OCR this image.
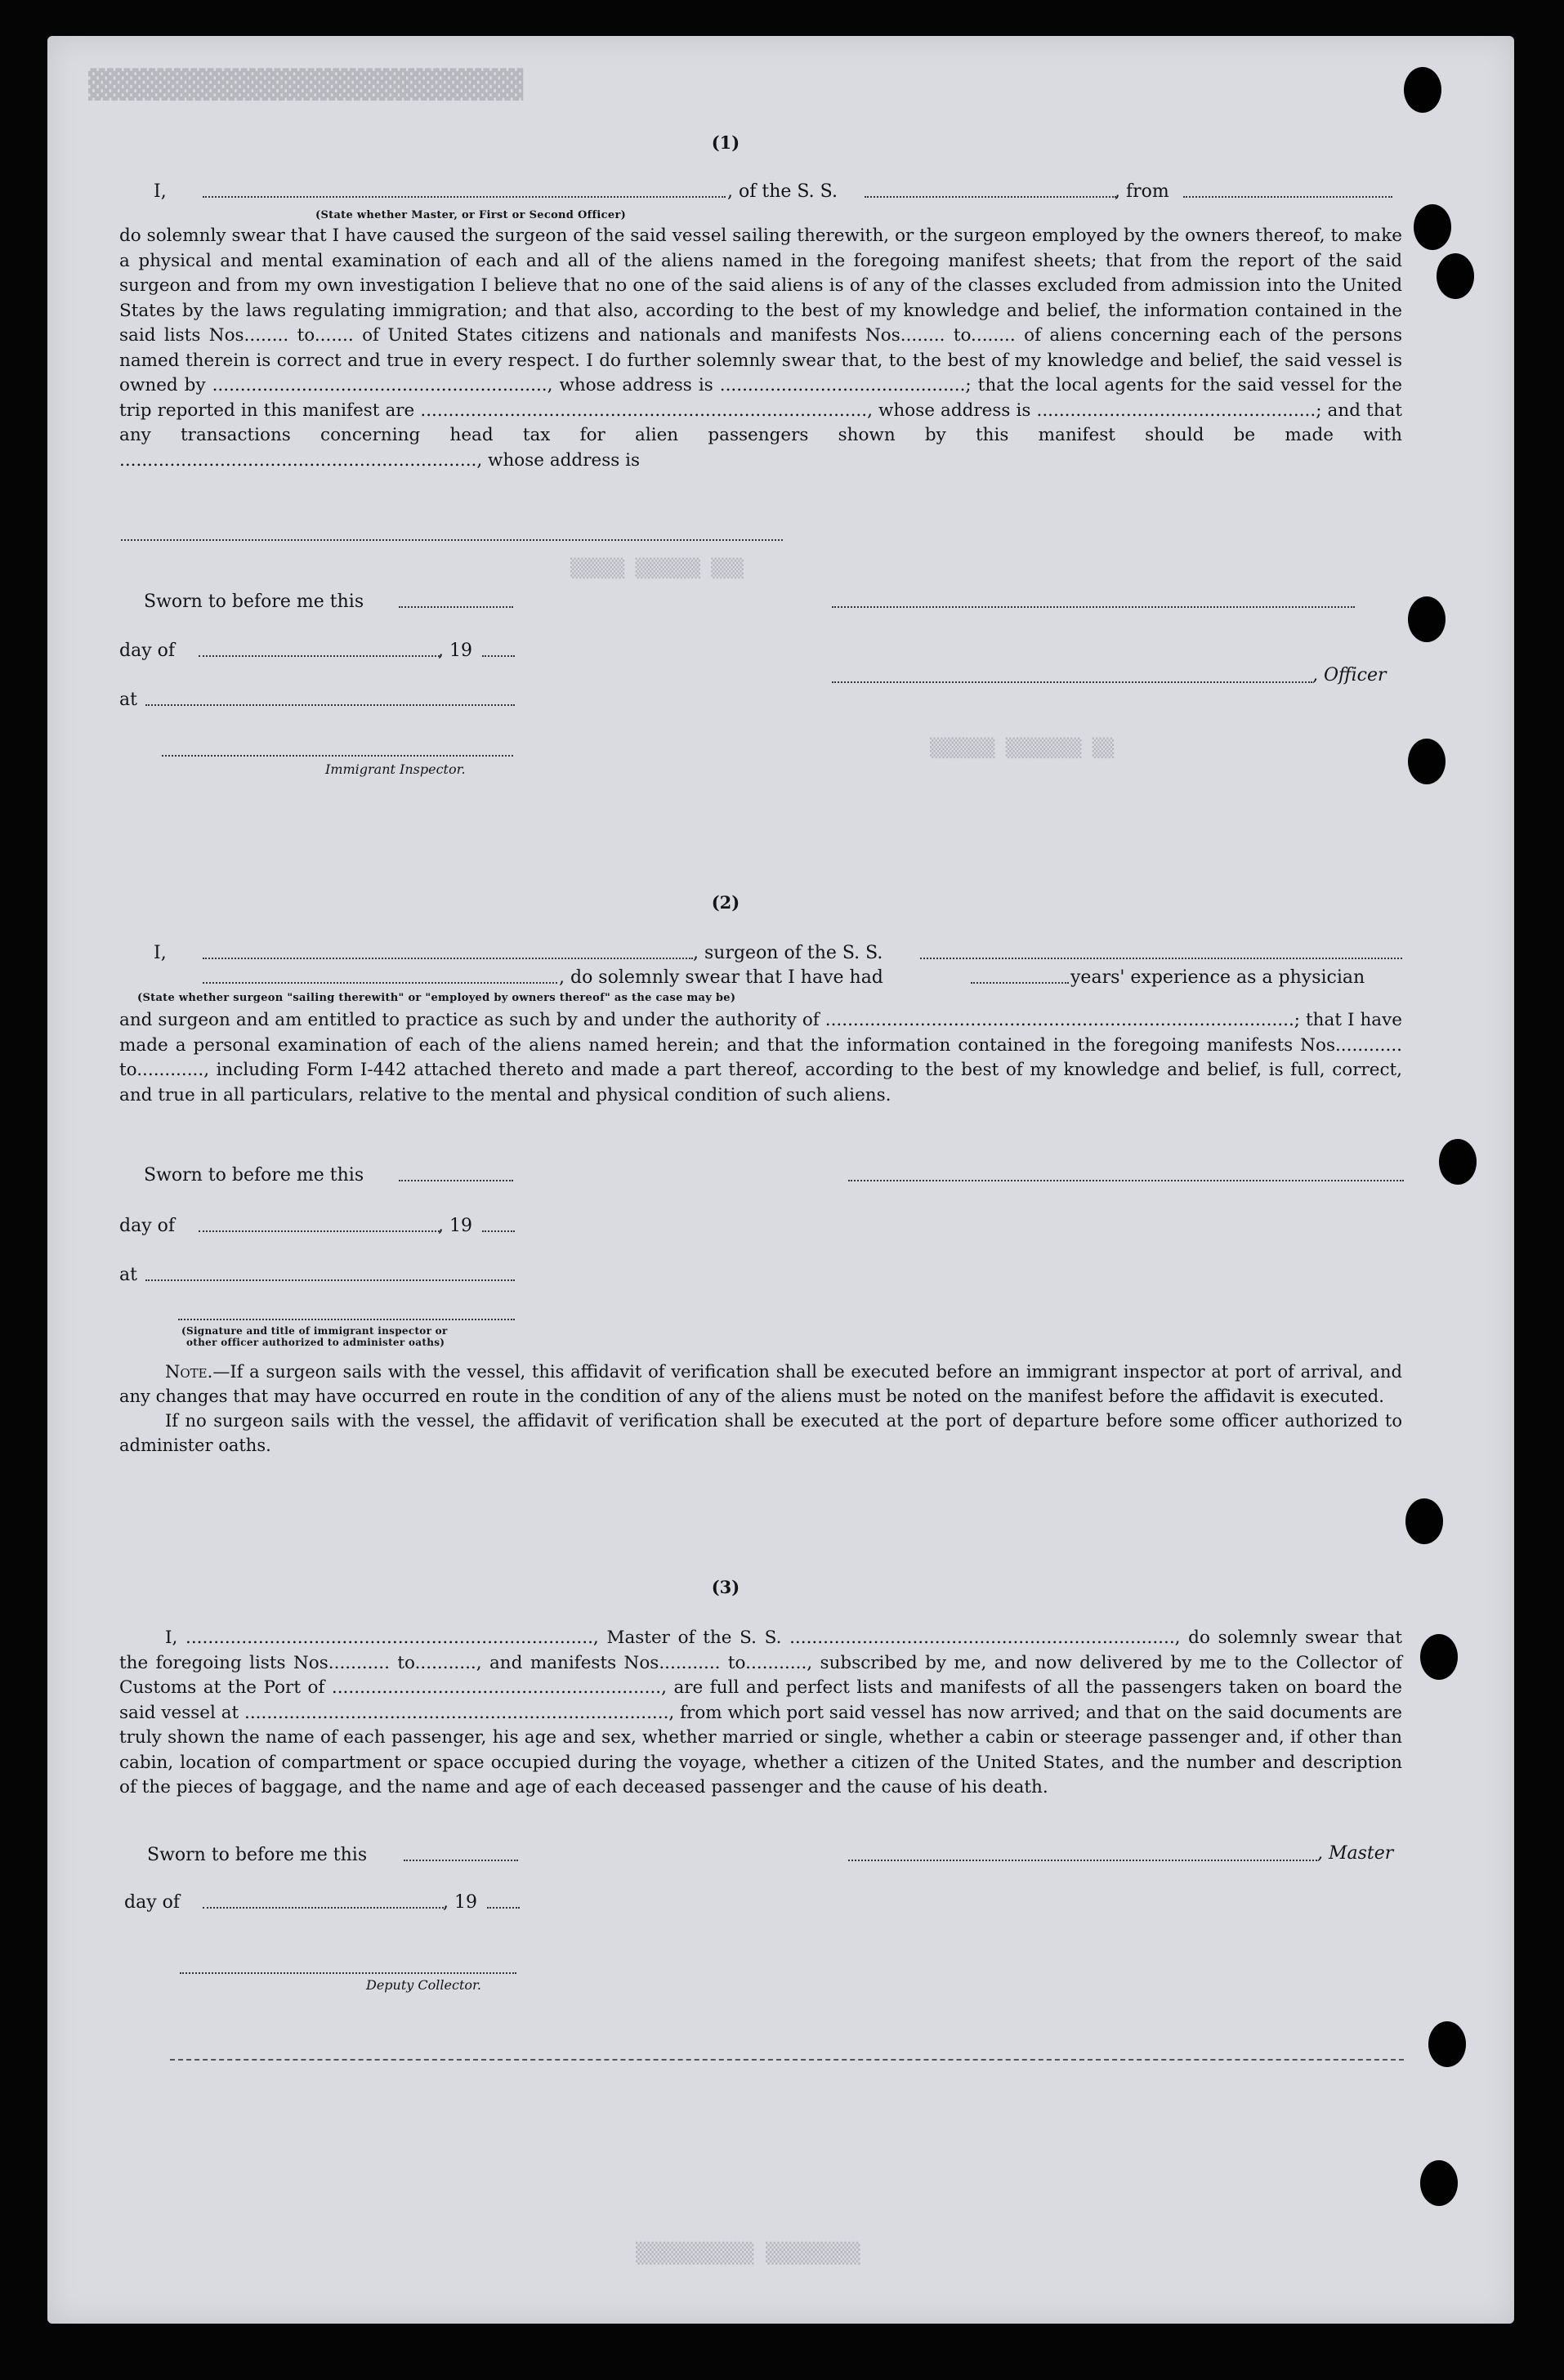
▓▓▓▓▓▓▓▓▓▓▓▓▓▓▓▓▓▓▓▓▓▓▓▓▓▓
▒▒▒▒▒ ▒▒▒▒▒▒ ▒▒▒
▒▒▒▒▒▒ ▒▒▒▒▒▒▒ ▒▒
(1)
I,	, of the S. S.	, from
(State whether Master, or First or Second Officer)

do solemnly swear that I have caused the surgeon of the said vessel sailing therewith, or the surgeon employed by the owners thereof, to make a physical and mental examination of each and all of the aliens named in the foregoing manifest sheets; that from the report of the said surgeon and from my own investigation I believe that no one of the said aliens is of any of the classes excluded from admission into the United States by the laws regulating immigration; and that also, according to the best of my knowledge and belief, the information contained in the said lists Nos........ to....... of United States citizens and nationals and manifests Nos........ to........ of aliens concerning each of the persons named therein is correct and true in every respect. I do further solemnly swear that, to the best of my knowledge and belief, the said vessel is owned by ............................................................, whose address is ............................................; that the local agents for the said vessel for the trip reported in this manifest are ................................................................................, whose address is ..................................................; and that any transactions concerning head tax for alien passengers shown by this manifest should be made with ................................................................, whose address is

Sworn to before me this
day of	, 19
at
Immigrant Inspector.
, Officer
(2)
I,	, surgeon of the S. S.
, do solemnly swear that I have had	years' experience as a physician
(State whether surgeon "sailing therewith" or "employed by owners thereof" as the case may be)

and surgeon and am entitled to practice as such by and under the authority of ....................................................................................; that I have made a personal examination of each of the aliens named herein; and that the information contained in the foregoing manifests Nos............ to............, including Form I-442 attached thereto and made a part thereof, according to the best of my knowledge and belief, is full, correct, and true in all particulars, relative to the mental and physical condition of such aliens.

Sworn to before me this
day of	, 19
at
(Signature and title of immigrant inspector or
other officer authorized to administer oaths)

Note.—If a surgeon sails with the vessel, this affidavit of verification shall be executed before an immigrant inspector at port of arrival, and any changes that may have occurred en route in the condition of any of the aliens must be noted on the manifest before the affidavit is executed.

If no surgeon sails with the vessel, the affidavit of verification shall be executed at the port of departure before some officer authorized to administer oaths.

(3)

I, ........................................................................., Master of the S. S. ....................................................................., do solemnly swear that the foregoing lists Nos........... to..........., and manifests Nos........... to..........., subscribed by me, and now delivered by me to the Collector of Customs at the Port of ..........................................................., are full and perfect lists and manifests of all the passengers taken on board the said vessel at ............................................................................, from which port said vessel has now arrived; and that on the said documents are truly shown the name of each passenger, his age and sex, whether married or single, whether a cabin or steerage passenger and, if other than cabin, location of compartment or space occupied during the voyage, whether a citizen of the United States, and the number and description of the pieces of baggage, and the name and age of each deceased passenger and the cause of his death.

Sworn to before me this	, Master
day of	, 19
Deputy Collector.
▒▒▒▒▒▒▒▒▒▒ ▒▒▒▒▒▒▒▒
